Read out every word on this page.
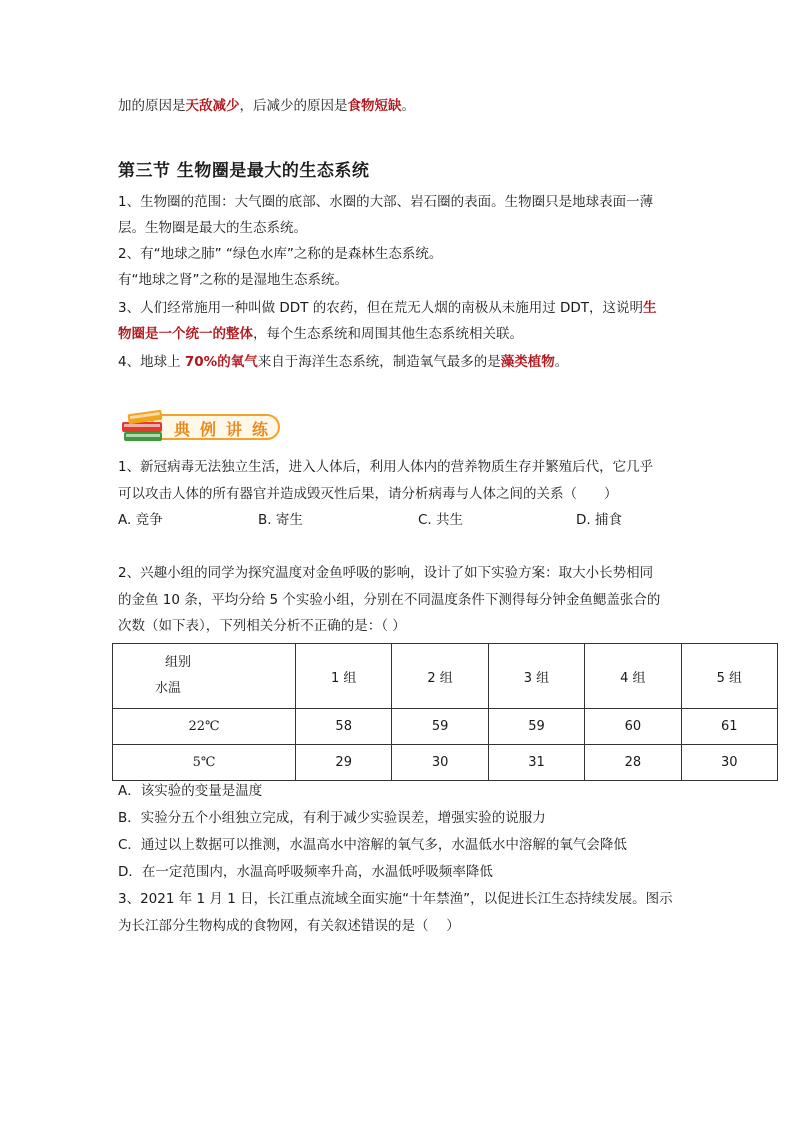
加的原因是天敌减少，后减少的原因是食物短缺。
第三节 生物圈是最大的生态系统
1、生物圈的范围：大气圈的底部、水圈的大部、岩石圈的表面。生物圈只是地球表面一薄
层。生物圈是最大的生态系统。
2、有“地球之肺” “绿色水库”之称的是森林生态系统。
有“地球之肾”之称的是湿地生态系统。
3、人们经常施用一种叫做 DDT 的农药，但在荒无人烟的南极从未施用过 DDT，这说明生
物圈是一个统一的整体，每个生态系统和周围其他生态系统相关联。
4、地球上 70%的氧气来自于海洋生态系统，制造氧气最多的是藻类植物。
典例讲练
1、新冠病毒无法独立生活，进入人体后，利用人体内的营养物质生存并繁殖后代，它几乎
可以攻击人体的所有器官并造成毁灭性后果，请分析病毒与人体之间的关系（　　）
A. 竞争	B. 寄生	C. 共生	D. 捕食
2、兴趣小组的同学为探究温度对金鱼呼吸的影响，设计了如下实验方案：取大小长势相同
的金鱼 10 条，平均分给 5 个实验小组，分别在不同温度条件下测得每分钟金鱼鳃盖张合的
次数（如下表），下列相关分析不正确的是：（ ）
组别
水温	1 组	2 组	3 组	4 组	5 组
22℃	58	59	59	60	61
5℃	29	30	31	28	30
A．该实验的变量是温度
B．实验分五个小组独立完成，有利于减少实验误差，增强实验的说服力
C．通过以上数据可以推测，水温高水中溶解的氧气多，水温低水中溶解的氧气会降低
D．在一定范围内，水温高呼吸频率升高，水温低呼吸频率降低
3、2021 年 1 月 1 日，长江重点流域全面实施“十年禁渔”，以促进长江生态持续发展。图示
为长江部分生物构成的食物网，有关叙述错误的是（　 ）
